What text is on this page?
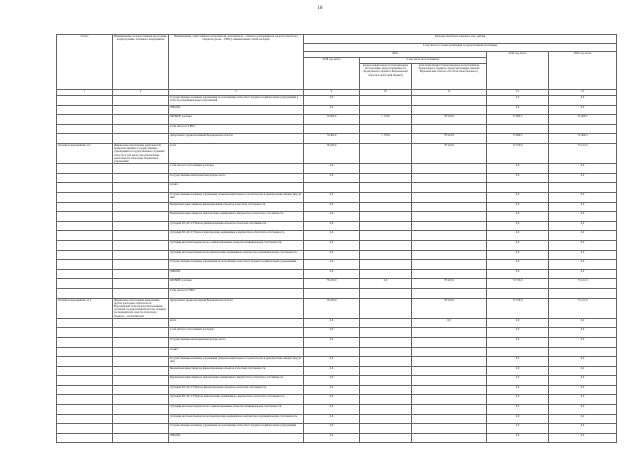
18
Статус	Наименование государственной программы, подпрограммы, основного мероприятия	Наименование ответственного исполнителя, исполнителя – главного распорядителя средств областного бюджета (далее – ГРБС), наименование статей расходов	Расходы областного бюджета, тыс. рублей				
			в том числе по годам реализации государственной программы				
			2018			2019 год, всего	2020 год, всего
			2018 год, всего	в том числе по источникам:			
				федеральный бюджет (безвозмездные поступления, предоставляемые из федерального бюджета Воронежской области в областной бюджет)	областной бюджет (безвозмездные поступления из федерального бюджета, предусмотренные законом Воронежской области «Об областном бюджете»)		
1	2	3	9	10	11	12	13
		Государственные казенные учреждения по исполнению областного бюджета и финансовым учреждениям в области и муниципальных образований	0,0			0,0	0,0
		ОФОМС	0,0			0,0	0,0
		ПРОЧИЕ расходы	79 902,6	1 179,6	78 223,0	73 096,5	74 406,5
		в том числе по ГРБС:					
		департамент здравоохранения Воронежской области	79 402,6	1 179,6	78 223,0	73 096,5	74 406,5
Основное мероприятие 11.1	Финансовое обеспечение деятельности подведомственных государственных учреждений и государственных служащих области, в том числе для обеспечения деятельности областных бюджетных учреждений	всего	78 223,0		78 223,0	72 579,0	73 121,0
		в том числе по источникам расходов:	0,0			0,0	0,0
		Государственные внебюджетные фонды, всего	0,0			0,0	0,0
		из них:					
		Государственные казенные учреждения (объекты капитального строительства и приобретение имущества), из них:	0,0			0,0	0,0
		Бюджетные инвестиции на финансирование объектов областной собственности	0,0			0,0	0,0
		Бюджетные инвестиции на приобретение недвижимого имущества в областную собственность	0,0			0,0	0,0
		субсидии БУ, АУ, ГУПам на финансирование объектов областной собственности	0,0			0,0	0,0
		субсидии БУ, АУ, ГУПам на приобретение недвижимого имущества в областную собственность	0,0			0,0	0,0
		субсидии местным бюджетам на софинансирование объектов муниципальной собственности	0,0			0,0	0,0
		субсидии местным бюджетам на приобретение недвижимого имущества в муниципальную собственность	0,0			0,0	0,0
		Государственные казенные учреждения по исполнению областного бюджета и финансовым учреждениям	0,0			0,0	0,0
		ОФОМС	0,0			0,0	0,0
		ПРОЧИЕ расходы	78 223,0	0,0	78 223,0	72 579,0	73 121,0
		в том числе по ГРБС:					
Основное мероприятие 11.2	Финансовое обеспечение выполнения других расходных обязательств Воронежской области исполнительными органами государственной власти, главным распорядителем средств областного бюджета – исполнителем	департамент здравоохранения Воронежской области	78 223,0		78 223,0	72 579,0	73 121,0
		всего	0,0		0,0	0,0	0,0
		в том числе по источникам расходов:	0,0			0,0	0,0
		Государственные внебюджетные фонды, всего	0,0			0,0	0,0
		из них:					
		Государственные казенные учреждения (объекты капитального строительства и приобретение имущества), из них:	0,0			0,0	0,0
		Бюджетные инвестиции на финансирование объектов областной собственности	0,0			0,0	0,0
		Бюджетные инвестиции на приобретение недвижимого имущества в областную собственность	0,0			0,0	0,0
		субсидии БУ, АУ, ГУПам на финансирование объектов областной собственности	0,0			0,0	0,0
		субсидии БУ, АУ, ГУПам на приобретение недвижимого имущества в областную собственность	0,0			0,0	0,0
		субсидии местным бюджетам на софинансирование объектов муниципальной собственности	0,0			0,0	0,0
		субсидии местным бюджетам на приобретение недвижимого имущества в муниципальную собственность	0,0			0,0	0,0
		Государственные казенные учреждения по исполнению областного бюджета и финансовым учреждениям	0,0			0,0	0,0
		ОФОМС	0,0			0,0	0,0
